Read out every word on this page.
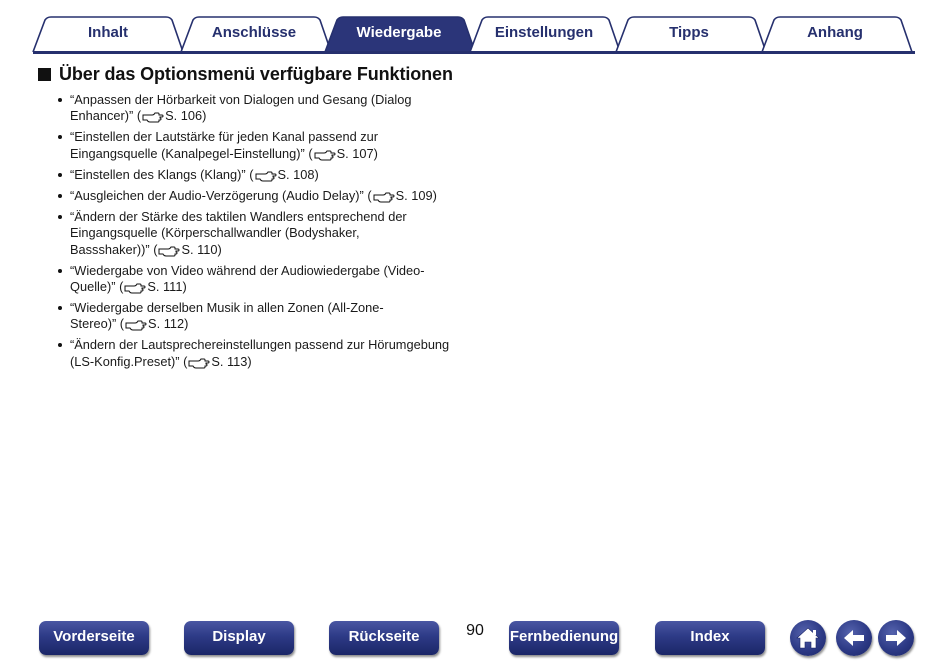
Inhalt	Anschlüsse	Wiedergabe	Einstellungen	Tipps	Anhang
Über das Optionsmenü verfügbare Funktionen
“Anpassen der Hörbarkeit von Dialogen und Gesang (Dialog
Enhancer)” ( S. 106)
“Einstellen der Lautstärke für jeden Kanal passend zur
Eingangsquelle (Kanalpegel-Einstellung)” ( S. 107)
“Einstellen des Klangs (Klang)” ( S. 108)
“Ausgleichen der Audio-Verzögerung (Audio Delay)” ( S. 109)
“Ändern der Stärke des taktilen Wandlers entsprechend der
Eingangsquelle (Körperschallwandler (Bodyshaker,
Bassshaker))” ( S. 110)
“Wiedergabe von Video während der Audiowiedergabe (Video-
Quelle)” ( S. 111)
“Wiedergabe derselben Musik in allen Zonen (All-Zone-
Stereo)” ( S. 112)
“Ändern der Lautsprechereinstellungen passend zur Hörumgebung
(LS-Konfig.Preset)” ( S. 113)
Vorderseite	Display	Rückseite	90 Fernbedienung	Index
